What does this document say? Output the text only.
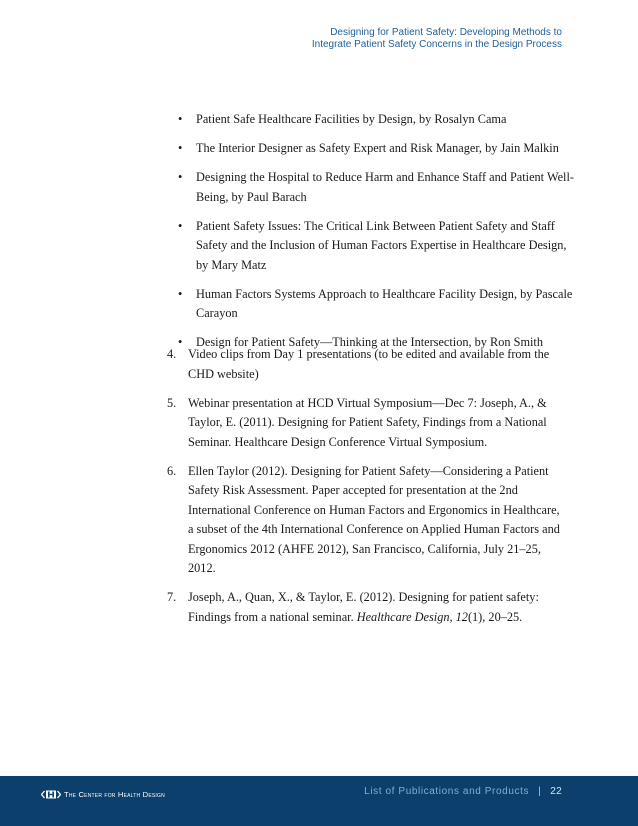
Designing for Patient Safety: Developing Methods to
Integrate Patient Safety Concerns in the Design Process
• Patient Safe Healthcare Facilities by Design, by Rosalyn Cama
• The Interior Designer as Safety Expert and Risk Manager, by Jain Malkin
• Designing the Hospital to Reduce Harm and Enhance Staff and Patient Well-Being, by Paul Barach
• Patient Safety Issues: The Critical Link Between Patient Safety and Staff Safety and the Inclusion of Human Factors Expertise in Healthcare Design, by Mary Matz
• Human Factors Systems Approach to Healthcare Facility Design, by Pascale Carayon
• Design for Patient Safety—Thinking at the Intersection, by Ron Smith
4. Video clips from Day 1 presentations (to be edited and available from the CHD website)
5. Webinar presentation at HCD Virtual Symposium—Dec 7: Joseph, A., & Taylor, E. (2011). Designing for Patient Safety, Findings from a National Seminar. Healthcare Design Conference Virtual Symposium.
6. Ellen Taylor (2012). Designing for Patient Safety—Considering a Patient Safety Risk Assessment. Paper accepted for presentation at the 2nd International Conference on Human Factors and Ergonomics in Healthcare, a subset of the 4th International Conference on Applied Human Factors and Ergonomics 2012 (AHFE 2012), San Francisco, California, July 21–25, 2012.
7. Joseph, A., Quan, X., & Taylor, E. (2012). Designing for patient safety: Findings from a national seminar. Healthcare Design, 12(1), 20–25.
The Center for Health Design	List of Publications and Products | 22
